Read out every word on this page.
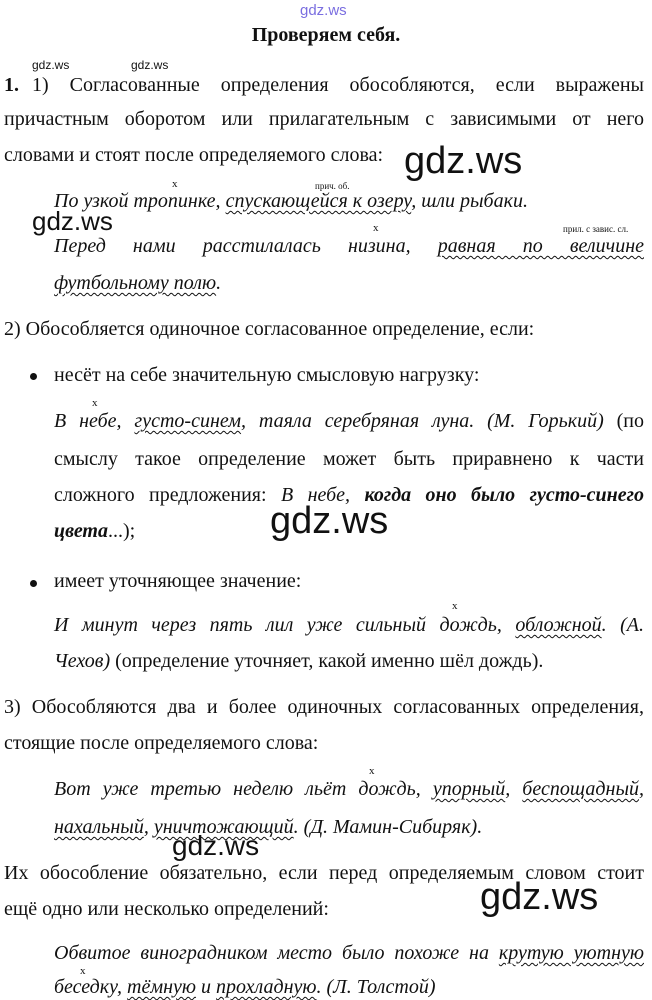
gdz.ws
gdz.ws	gdz.ws
Проверяем себя.
1. 1) Согласованные определения обособляются, если выражены
причастным оборотом или прилагательным с зависимыми от него
словами и стоят после определяемого слова:
x	прич. об.
По узкой тропинке, спускающейся к озеру, шли рыбаки.
x	прил. с завис. сл.
Перед нами расстилалась низина, равная по величине
футбольному полю.
2) Обособляется одиночное согласованное определение, если:
несёт на себе значительную смысловую нагрузку:
x
В небе, густо-синем, таяла серебряная луна. (М. Горький) (по
смыслу такое определение может быть приравнено к части
сложного предложения: В небе, когда оно было густо-синего
цвета...);
имеет уточняющее значение:
x
И минут через пять лил уже сильный дождь, обложной. (А.
Чехов) (определение уточняет, какой именно шёл дождь).
3) Обособляются два и более одиночных согласованных определения,
стоящие после определяемого слова:
x
Вот уже третью неделю льёт дождь, упорный, беспощадный,
нахальный, уничтожающий. (Д. Мамин-Сибиряк).
Их обособление обязательно, если перед определяемым словом стоит
ещё одно или несколько определений:
Обвитое виноградником место было похоже на крутую уютную
x
беседку, тёмную и прохладную. (Л. Толстой)
gdz.ws
gdz.ws
gdz.ws
gdz.ws
gdz.ws
